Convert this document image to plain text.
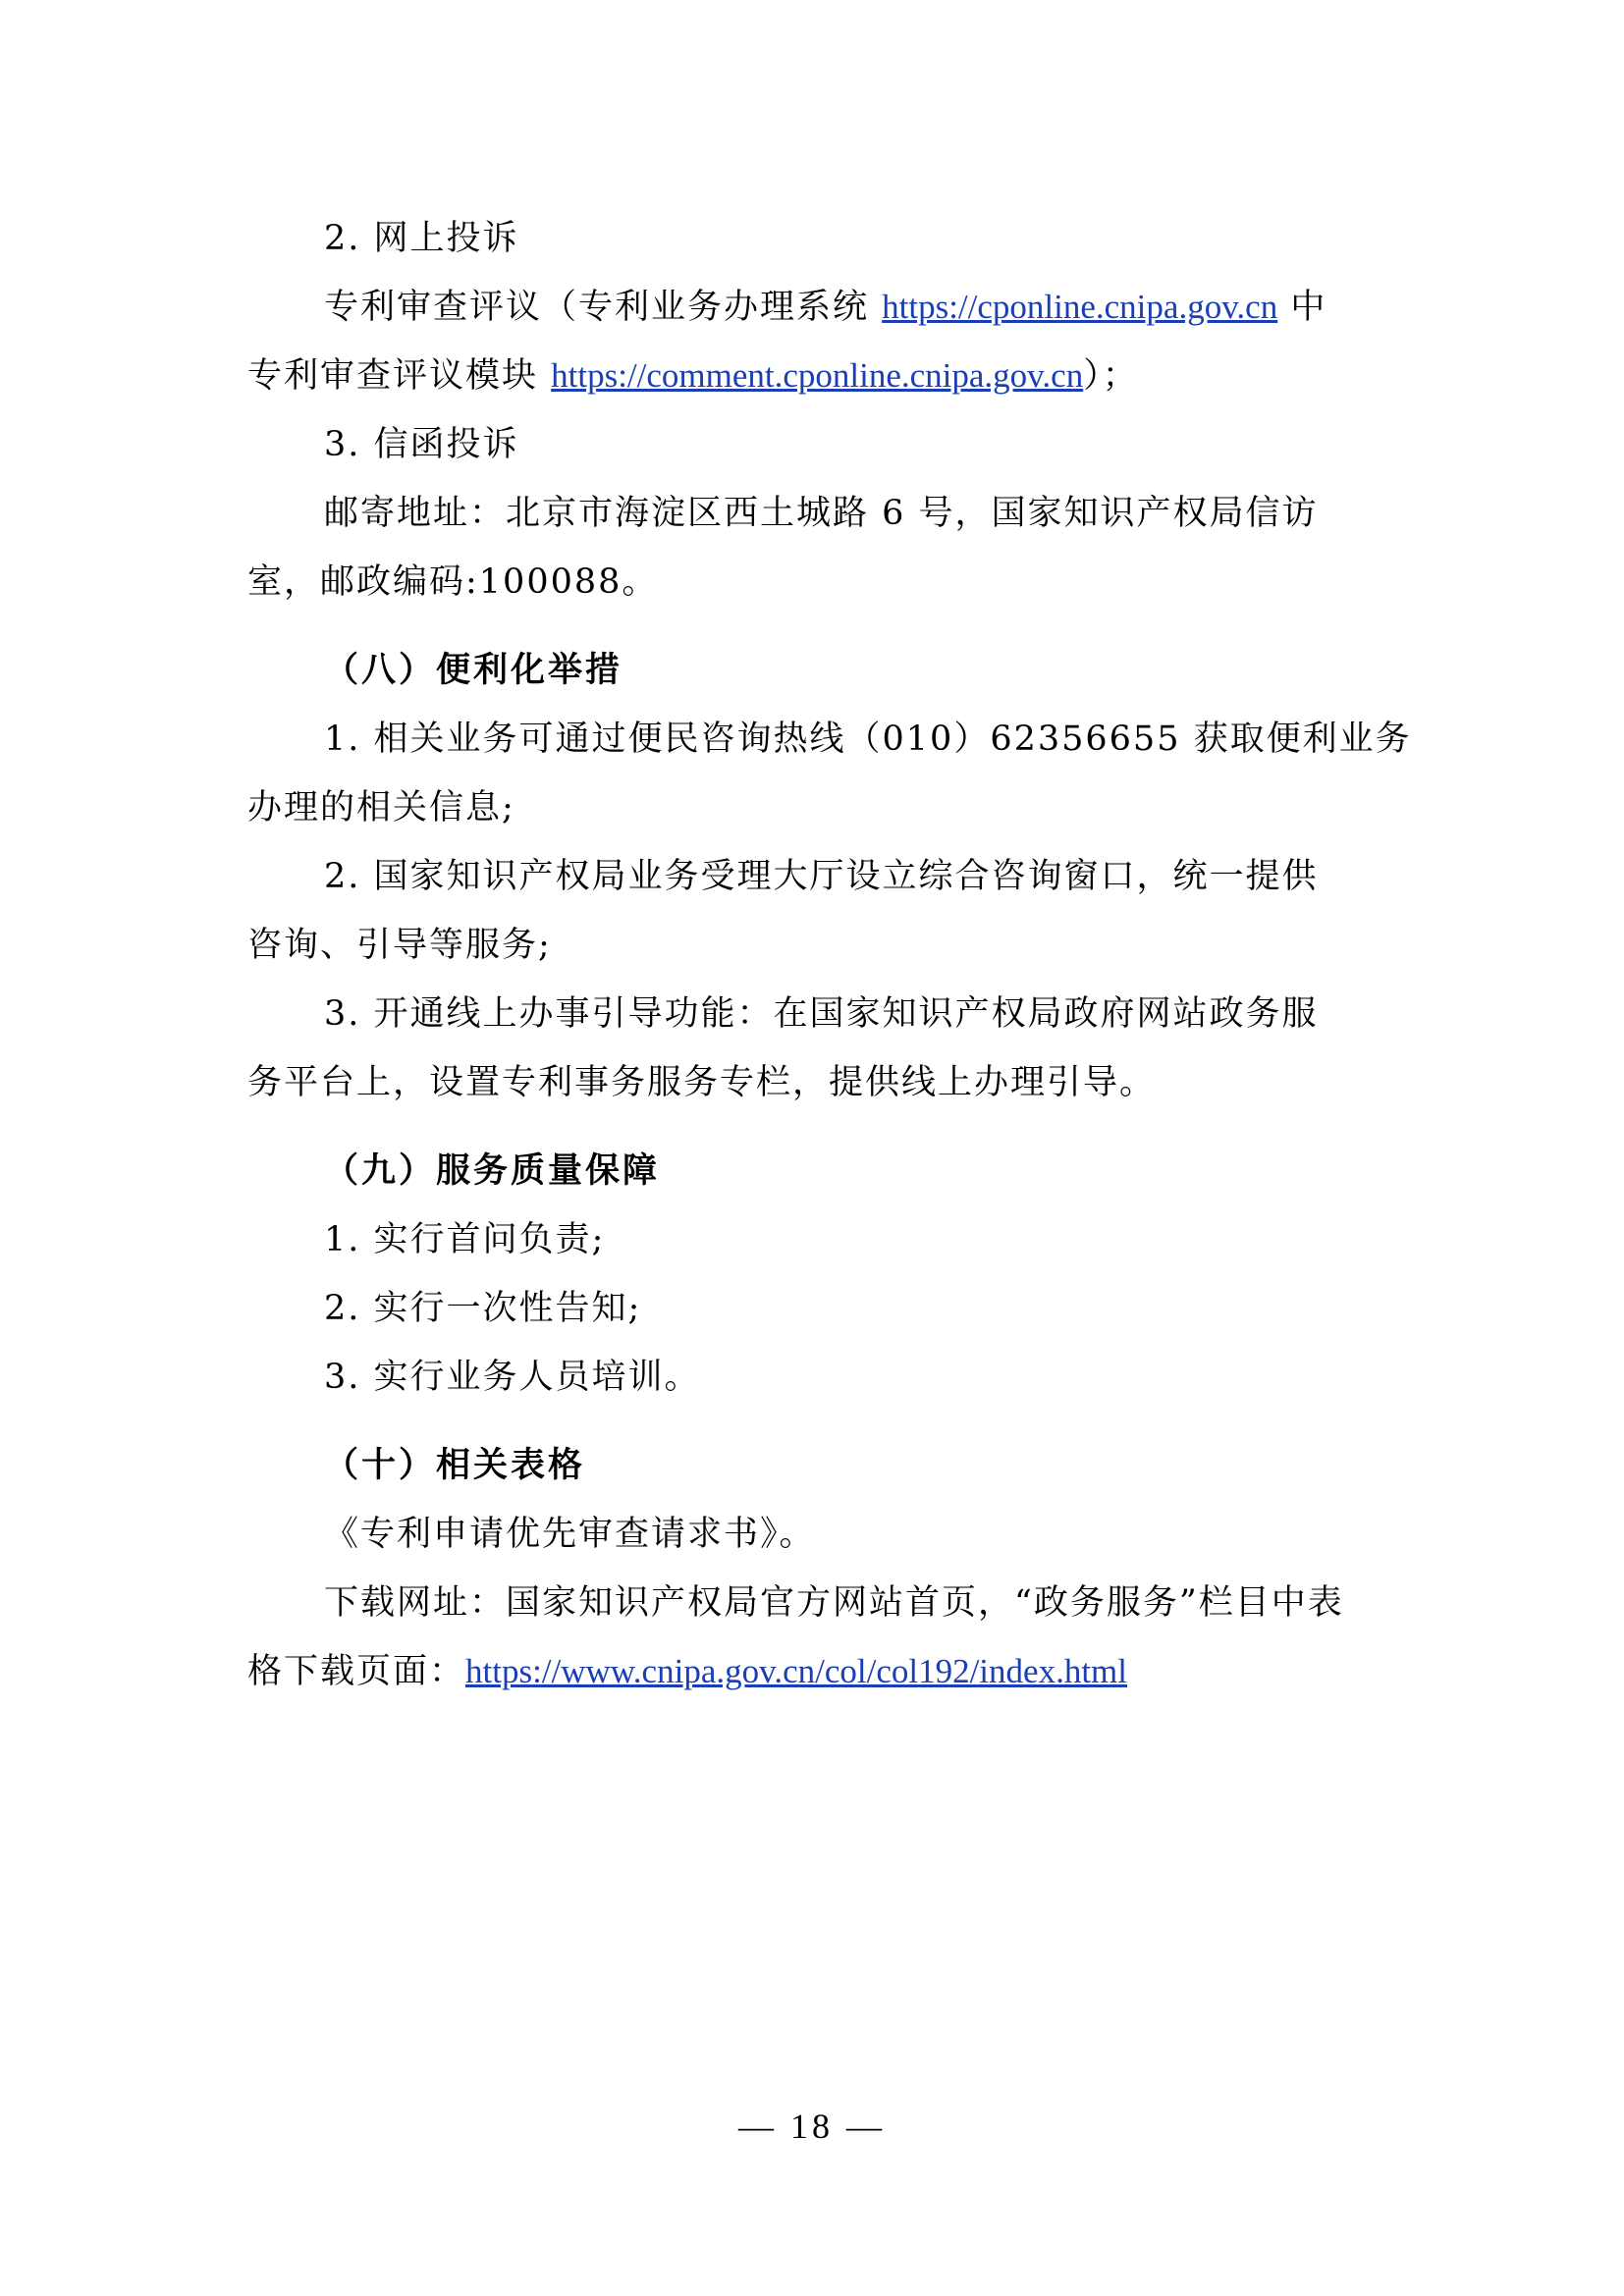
2. 网上投诉
专利审查评议（专利业务办理系统 https://cponline.cnipa.gov.cn 中
专利审查评议模块 https://comment.cponline.cnipa.gov.cn）；
3. 信函投诉
邮寄地址：北京市海淀区西土城路 6 号，国家知识产权局信访
室，邮政编码:100088。
（八）便利化举措
1. 相关业务可通过便民咨询热线（010）62356655 获取便利业务
办理的相关信息;
2. 国家知识产权局业务受理大厅设立综合咨询窗口，统一提供
咨询、引导等服务;
3. 开通线上办事引导功能：在国家知识产权局政府网站政务服
务平台上，设置专利事务服务专栏，提供线上办理引导。
（九）服务质量保障
1. 实行首问负责;
2. 实行一次性告知;
3. 实行业务人员培训。
（十）相关表格
《专利申请优先审查请求书》。
下载网址：国家知识产权局官方网站首页，“政务服务”栏目中表
格下载页面：https://www.cnipa.gov.cn/col/col192/index.html
— 18 —
